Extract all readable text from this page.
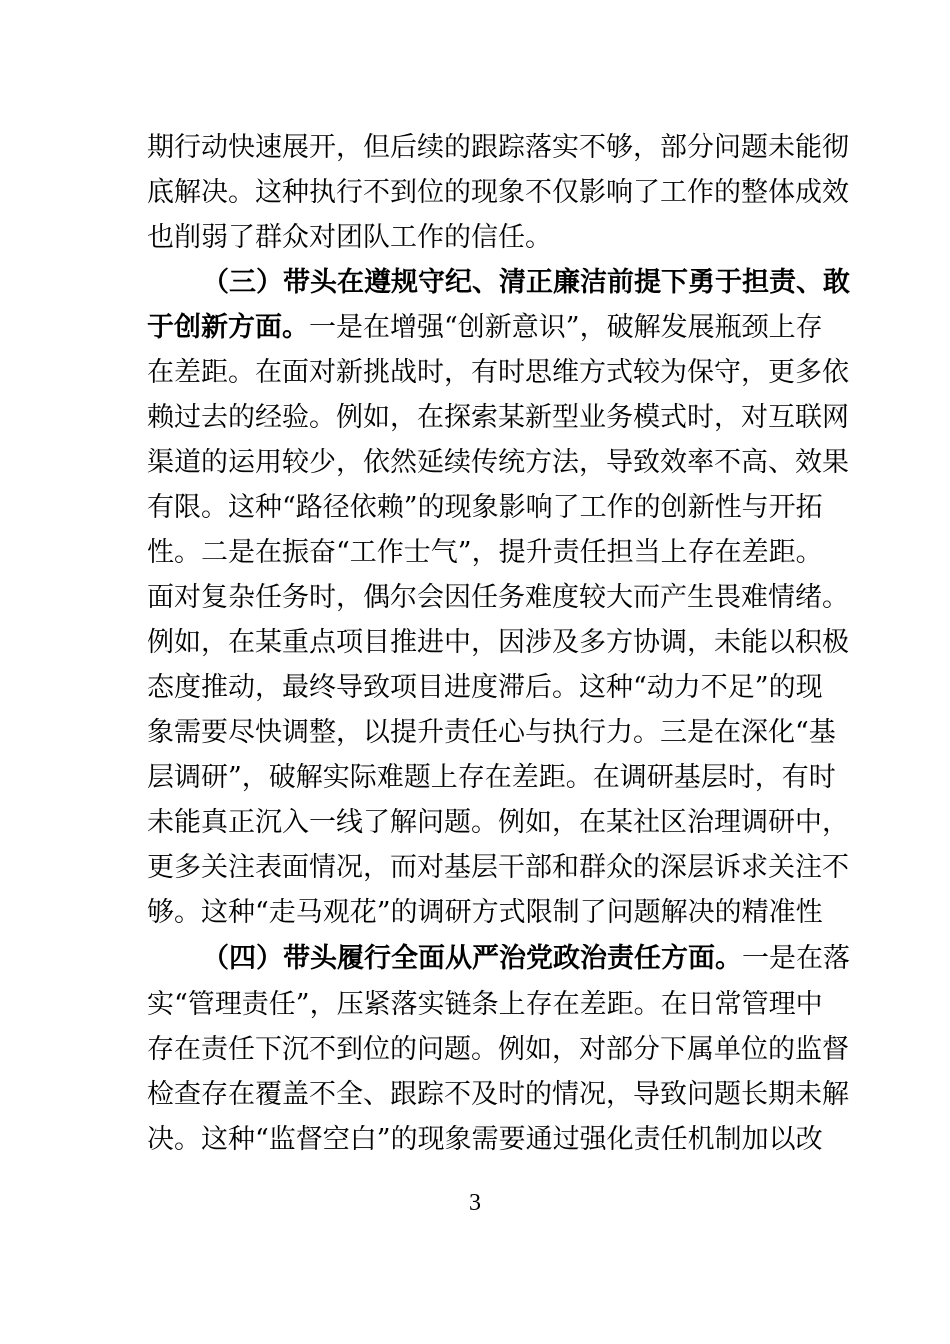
期行动快速展开，但后续的跟踪落实不够，部分问题未能彻
底解决。这种执行不到位的现象不仅影响了工作的整体成效
也削弱了群众对团队工作的信任。
（三）带头在遵规守纪、清正廉洁前提下勇于担责、敢
于创新方面。一是在增强“创新意识”，破解发展瓶颈上存
在差距。在面对新挑战时，有时思维方式较为保守，更多依
赖过去的经验。例如，在探索某新型业务模式时，对互联网
渠道的运用较少，依然延续传统方法，导致效率不高、效果
有限。这种“路径依赖”的现象影响了工作的创新性与开拓
性。二是在振奋“工作士气”，提升责任担当上存在差距。
面对复杂任务时，偶尔会因任务难度较大而产生畏难情绪。
例如，在某重点项目推进中，因涉及多方协调，未能以积极
态度推动，最终导致项目进度滞后。这种“动力不足”的现
象需要尽快调整，以提升责任心与执行力。三是在深化“基
层调研”，破解实际难题上存在差距。在调研基层时，有时
未能真正沉入一线了解问题。例如，在某社区治理调研中，
更多关注表面情况，而对基层干部和群众的深层诉求关注不
够。这种“走马观花”的调研方式限制了问题解决的精准性
（四）带头履行全面从严治党政治责任方面。一是在落
实“管理责任”，压紧落实链条上存在差距。在日常管理中
存在责任下沉不到位的问题。例如，对部分下属单位的监督
检查存在覆盖不全、跟踪不及时的情况，导致问题长期未解
决。这种“监督空白”的现象需要通过强化责任机制加以改
3
